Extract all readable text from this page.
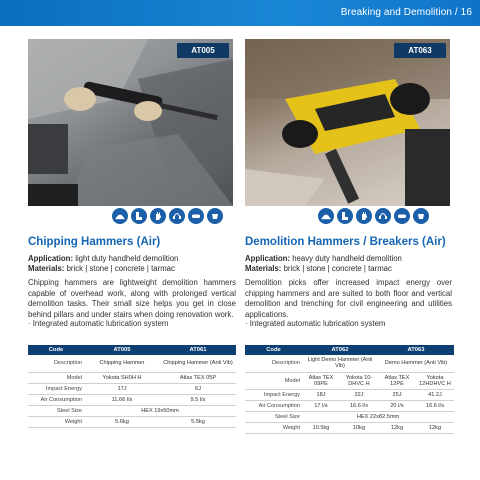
Breaking and Demolition / 16
AT005	AT063
Chipping Hammers (Air)	Demolition Hammers / Breakers (Air)
Application: light duty handheld demolition
Materials: brick | stone | concrete | tarmac
Application: heavy duty handheld demolition
Materials: brick | stone | concrete | tarmac
Chipping hammers are lightweight demolition hammers capable of overhead work, along with prolonged vertical demolition tasks. Their small size helps you get in close behind pillars and under stairs when doing renovation work.
Demolition picks offer increased impact energy over chipping hammers and are suited to both floor and vertical demolition and trenching for civil engineering and utilities applications.
· Integrated automatic lubrication system	· Integrated automatic lubrication system
Code	AT005	AT061
Description	Chipping Hammer	Chipping Hammer (Anti Vib)
Model	Yokota SH0H H	Atlas TEX 05P
Impact Energy	17J	6J
Air Consumption	11.66 l/s	9.5 l/s
Steel Size	HEX 19x50mm	
Weight	5.6kg	5.5kg
Code	AT062		AT063	
Description	Light Demo Hammer (Anti Vib)		Demo Hammer (Anti Vib)	
Model	Atlas TEX 09PE	Yokota 10-DHVC H	Atlas TEX 12PE	Yokota 12HDHVC H
Impact Energy	18J	32J	25J	41.2J
Air Consumption	17 l/s	16.6 l/s	20 l/s	16.6 l/s
Steel Size	HEX 22x82.5mm			
Weight	10.5kg	10kg	12kg	12kg
